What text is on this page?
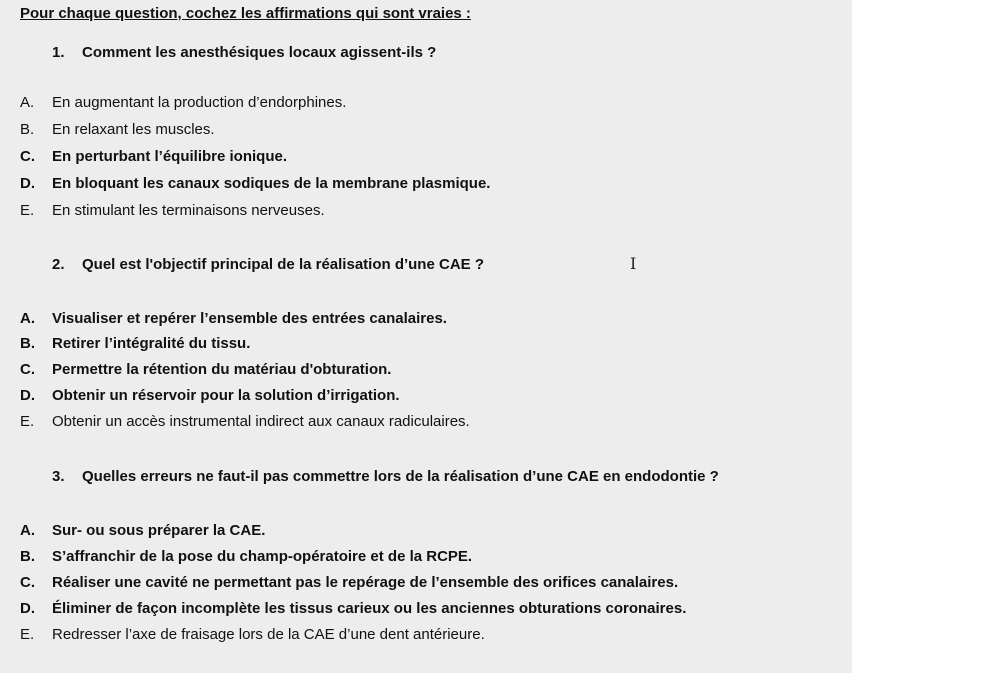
Pour chaque question, cochez les affirmations qui sont vraies :
1. Comment les anesthésiques locaux agissent-ils ?
A. En augmentant la production d’endorphines.
B. En relaxant les muscles.
C. En perturbant l’équilibre ionique.
D. En bloquant les canaux sodiques de la membrane plasmique.
E. En stimulant les terminaisons nerveuses.
2. Quel est l'objectif principal de la réalisation d’une CAE ?
A. Visualiser et repérer l’ensemble des entrées canalaires.
B. Retirer l’intégralité du tissu.
C. Permettre la rétention du matériau d'obturation.
D. Obtenir un réservoir pour la solution d’irrigation.
E. Obtenir un accès instrumental indirect aux canaux radiculaires.
3. Quelles erreurs ne faut-il pas commettre lors de la réalisation d’une CAE en endodontie ?
A. Sur- ou sous préparer la CAE.
B. S’affranchir de la pose du champ-opératoire et de la RCPE.
C. Réaliser une cavité ne permettant pas le repérage de l’ensemble des orifices canalaires.
D. Éliminer de façon incomplète les tissus carieux ou les anciennes obturations coronaires.
E. Redresser l’axe de fraisage lors de la CAE d’une dent antérieure.
I
